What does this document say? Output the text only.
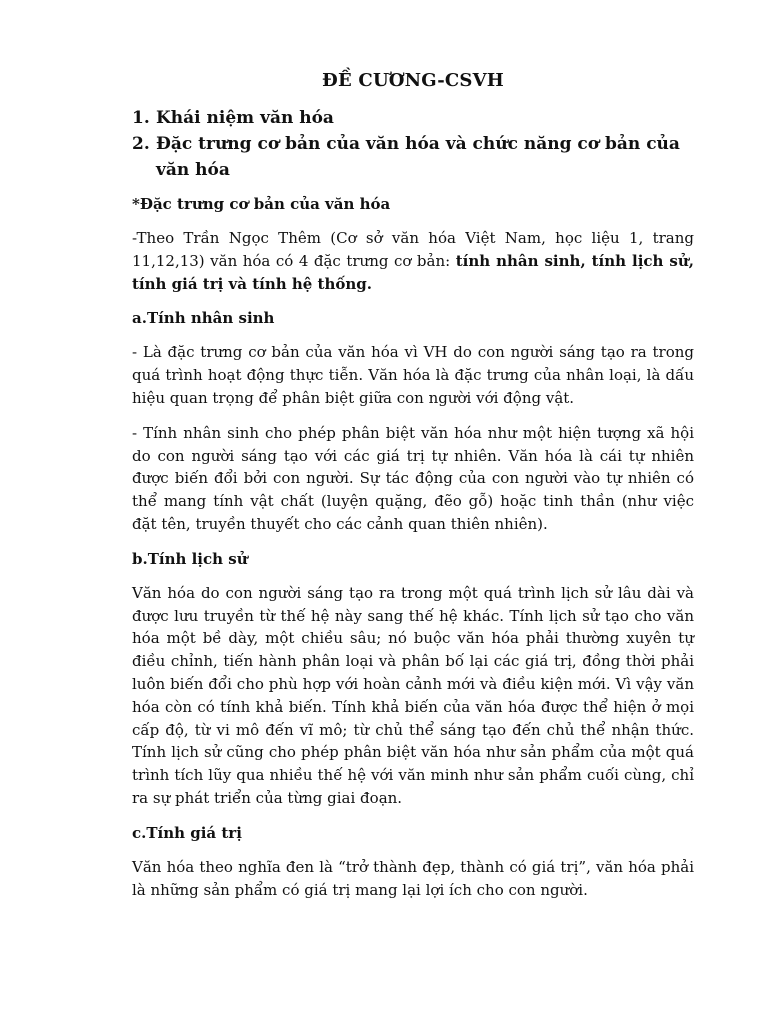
ĐỀ CƯƠNG-CSVH
1. Khái niệm văn hóa
2. Đặc trưng cơ bản của văn hóa và chức năng cơ bản của văn hóa
*Đặc trưng cơ bản của văn hóa
-Theo Trần Ngọc Thêm (Cơ sở văn hóa Việt Nam, học liệu 1, trang 11,12,13) văn hóa có 4 đặc trưng cơ bản: tính nhân sinh, tính lịch sử, tính giá trị và tính hệ thống.
a.Tính nhân sinh
- Là đặc trưng cơ bản của văn hóa vì VH do con người sáng tạo ra trong quá trình hoạt động thực tiễn. Văn hóa là đặc trưng của nhân loại, là dấu hiệu quan trọng để phân biệt giữa con người với động vật.
- Tính nhân sinh cho phép phân biệt văn hóa như một hiện tượng xã hội do con người sáng tạo với các giá trị tự nhiên. Văn hóa là cái tự nhiên được biến đổi bởi con người. Sự tác động của con người vào tự nhiên có thể mang tính vật chất (luyện quặng, đẽo gỗ) hoặc tinh thần (như việc đặt tên, truyền thuyết cho các cảnh quan thiên nhiên).
b.Tính lịch sử
Văn hóa do con người sáng tạo ra trong một quá trình lịch sử lâu dài và được lưu truyền từ thế hệ này sang thế hệ khác. Tính lịch sử tạo cho văn hóa một bề dày, một chiều sâu; nó buộc văn hóa phải thường xuyên tự điều chỉnh, tiến hành phân loại và phân bố lại các giá trị, đồng thời phải luôn biến đổi cho phù hợp với hoàn cảnh mới và điều kiện mới. Vì vậy văn hóa còn có tính khả biến. Tính khả biến của văn hóa được thể hiện ở mọi cấp độ, từ vi mô đến vĩ mô; từ chủ thể sáng tạo đến chủ thể nhận thức. Tính lịch sử cũng cho phép phân biệt văn hóa như sản phẩm của một quá trình tích lũy qua nhiều thế hệ với văn minh như sản phẩm cuối cùng, chỉ ra sự phát triển của từng giai đoạn.
c.Tính giá trị
Văn hóa theo nghĩa đen là “trở thành đẹp, thành có giá trị”, văn hóa phải là những sản phẩm có giá trị mang lại lợi ích cho con người.
